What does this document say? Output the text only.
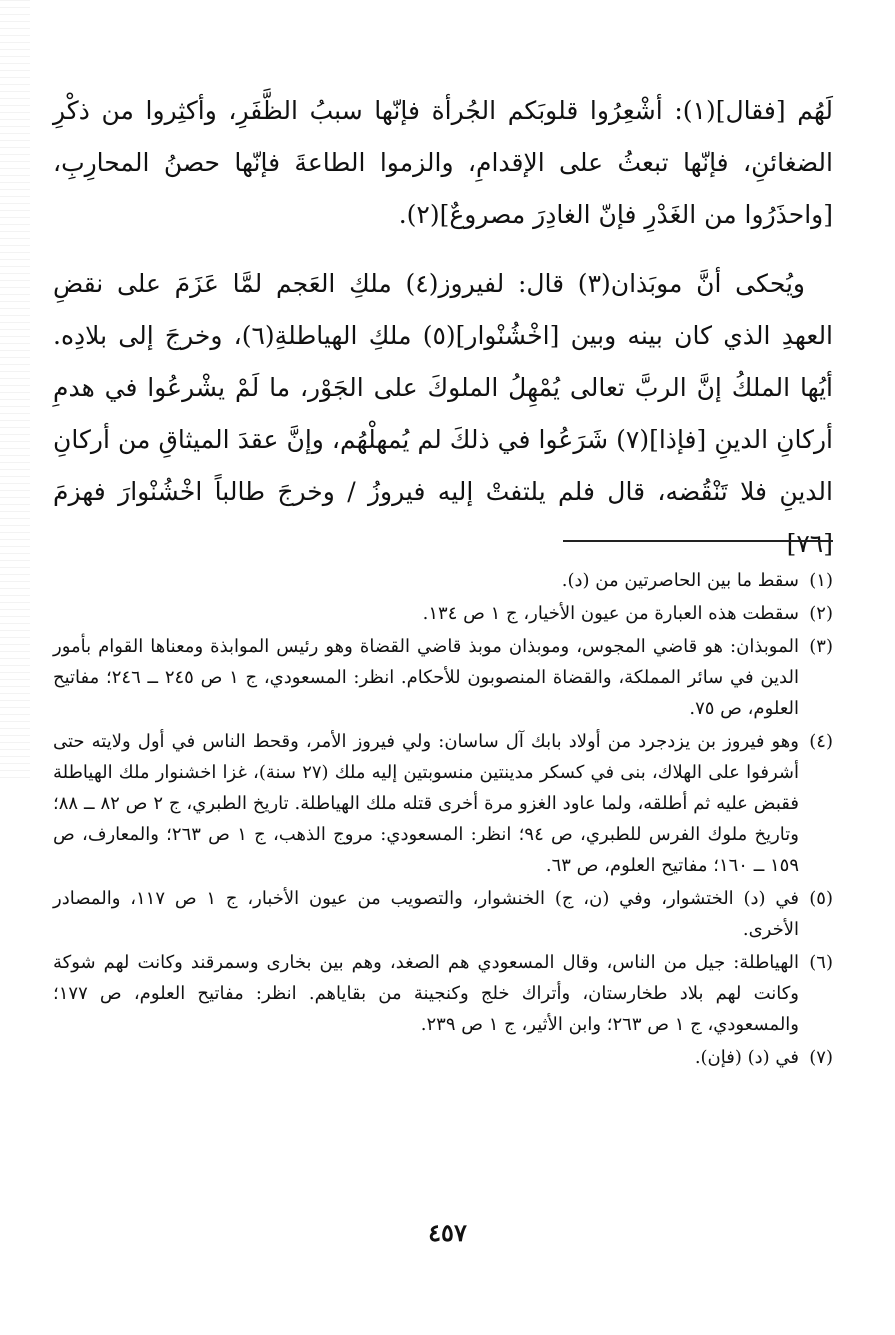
لَهُم [فقال](١): أشْعِرُوا قلوبَكم الجُرأة فإنّها سببُ الظَّفَرِ، وأكثِروا من ذكْرِ الضغائنِ، فإنّها تبعثُ على الإقدامِ، والزموا الطاعةَ فإنّها حصنُ المحارِبِ، [واحذَرُوا من الغَدْرِ فإنّ الغادِرَ مصروعٌ](٢).

ويُحكى أنَّ موبَذان(٣) قال: لفيروز(٤) ملكِ العَجم لمَّا عَزَمَ على نقضِ العهدِ الذي كان بينه وبين [اخْشُنْوار](٥) ملكِ الهياطلةِ(٦)، وخرجَ إلى بلادِه. أيُها الملكُ إنَّ الربَّ تعالى يُمْهِلُ الملوكَ على الجَوْر، ما لَمْ يشْرعُوا في هدمِ أركانِ الدينِ [فإذا](٧) شَرَعُوا في ذلكَ لم يُمهلْهُم، وإنَّ عقدَ الميثاقِ من أركانِ الدينِ فلا تَنْقُضه، قال فلم يلتفتْ إليه فيروزُ / وخرجَ طالباً اخْشُنْوارَ فهزمَ [٧٦]

(١)
سقط ما بين الحاصرتين من (د).
(٢)
سقطت هذه العبارة من عيون الأخيار، ج ١ ص ١٣٤.
(٣)
الموبذان: هو قاضي المجوس، وموبذان موبذ قاضي القضاة وهو رئيس الموابذة ومعناها القوام بأمور الدين في سائر المملكة، والقضاة المنصوبون للأحكام. انظر: المسعودي، ج ١ ص ٢٤٥ ــ ٢٤٦؛ مفاتيح العلوم، ص ٧٥.
(٤)
وهو فيروز بن يزدجرد من أولاد بابك آل ساسان: ولي فيروز الأمر، وقحط الناس في أول ولايته حتى أشرفوا على الهلاك، بنى في كسكر مدينتين منسوبتين إليه ملك (٢٧ سنة)، غزا اخشنوار ملك الهياطلة فقبض عليه ثم أطلقه، ولما عاود الغزو مرة أخرى قتله ملك الهياطلة. تاريخ الطبري، ج ٢ ص ٨٢ ــ ٨٨؛ وتاريخ ملوك الفرس للطبري، ص ٩٤؛ انظر: المسعودي: مروج الذهب، ج ١ ص ٢٦٣؛ والمعارف، ص ١٥٩ ــ ١٦٠؛ مفاتيح العلوم، ص ٦٣.
(٥)
في (د) الختشوار، وفي (ن، ج) الخنشوار، والتصويب من عيون الأخبار، ج ١ ص ١١٧، والمصادر الأخرى.
(٦)
الهياطلة: جيل من الناس، وقال المسعودي هم الصغد، وهم بين بخارى وسمرقند وكانت لهم شوكة وكانت لهم بلاد طخارستان، وأتراك خلج وكنجينة من بقاياهم. انظر: مفاتيح العلوم، ص ١٧٧؛ والمسعودي، ج ١ ص ٢٦٣؛ وابن الأثير، ج ١ ص ٢٣٩.
(٧)
في (د) (فإن).
٤٥٧
